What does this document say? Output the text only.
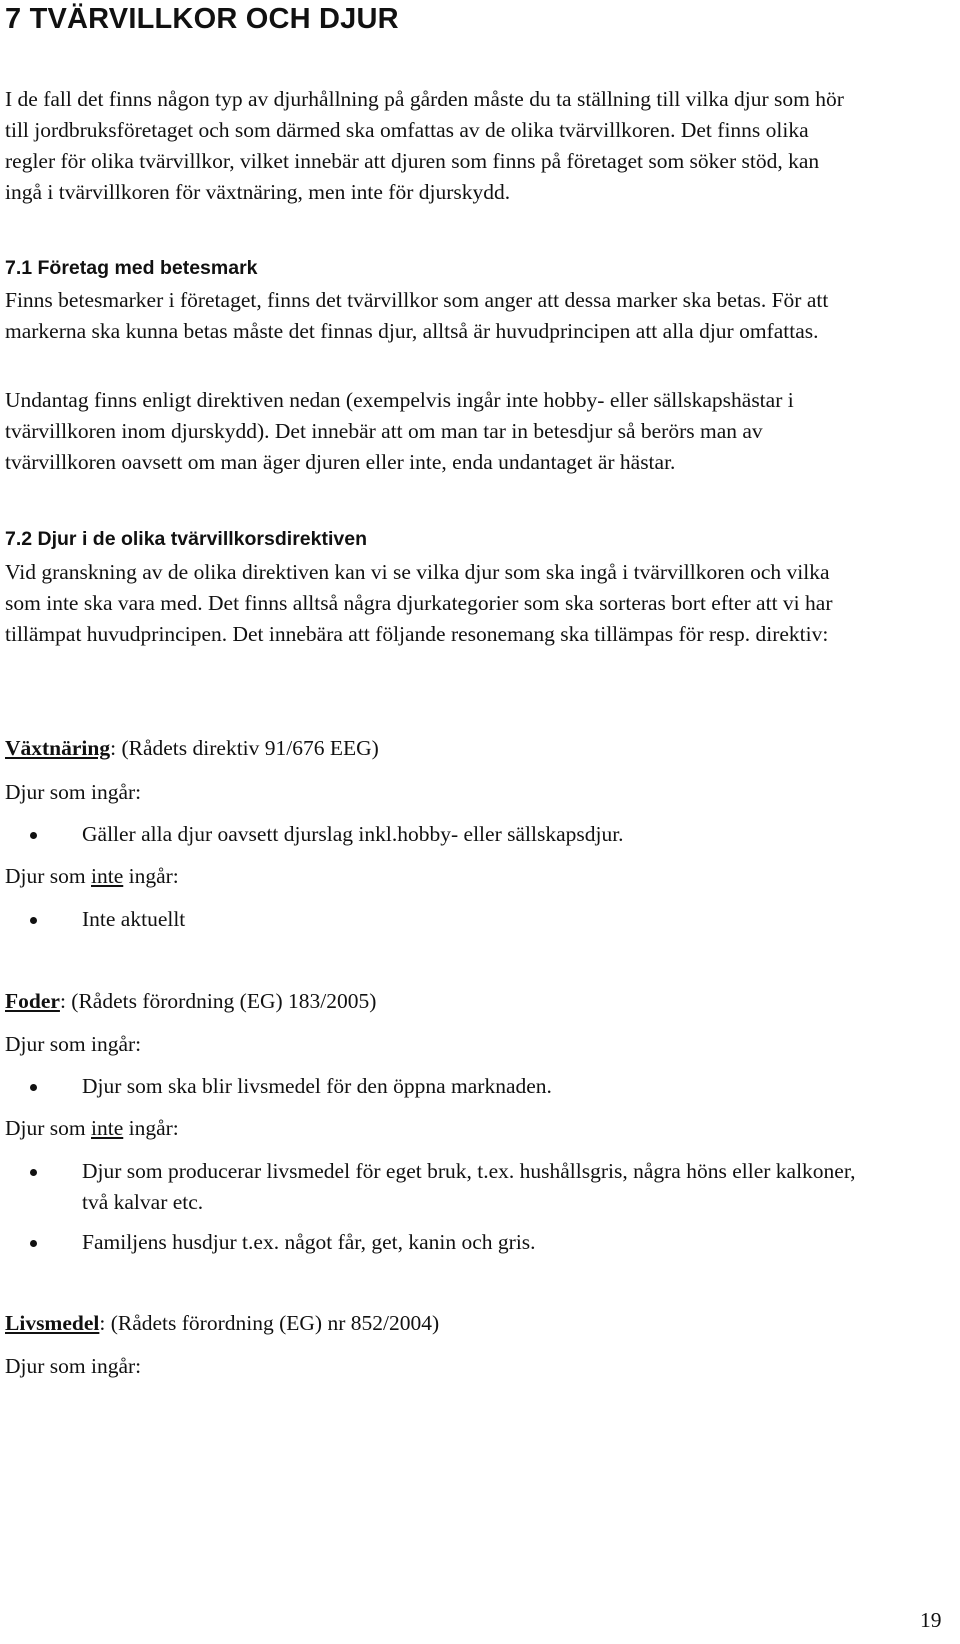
7 TVÄRVILLKOR OCH DJUR

I de fall det finns någon typ av djurhållning på gården måste du ta ställning till vilka djur som hör till jordbruksföretaget och som därmed ska omfattas av de olika tvärvillkoren. Det finns olika regler för olika tvärvillkor, vilket innebär att djuren som finns på företaget som söker stöd, kan ingå i tvärvillkoren för växtnäring, men inte för djurskydd.

7.1 Företag med betesmark

Finns betesmarker i företaget, finns det tvärvillkor som anger att dessa marker ska betas. För att markerna ska kunna betas måste det finnas djur, alltså är huvudprincipen att alla djur omfattas.

Undantag finns enligt direktiven nedan (exempelvis ingår inte hobby- eller sällskapshästar i tvärvillkoren inom djurskydd). Det innebär att om man tar in betesdjur så berörs man av tvärvillkoren oavsett om man äger djuren eller inte, enda undantaget är hästar.

7.2 Djur i de olika tvärvillkorsdirektiven

Vid granskning av de olika direktiven kan vi se vilka djur som ska ingå i tvärvillkoren och vilka som inte ska vara med. Det finns alltså några djurkategorier som ska sorteras bort efter att vi har tillämpat huvudprincipen. Det innebära att följande resonemang ska tillämpas för resp. direktiv:

Växtnäring: (Rådets direktiv 91/676 EEG)
Djur som ingår:
Gäller alla djur oavsett djurslag inkl.hobby- eller sällskapsdjur.
Djur som inte ingår:
Inte aktuellt
Foder: (Rådets förordning (EG) 183/2005)
Djur som ingår:
Djur som ska blir livsmedel för den öppna marknaden.
Djur som inte ingår:
Djur som producerar livsmedel för eget bruk, t.ex. hushållsgris, några höns eller kalkoner, två kalvar etc.
Familjens husdjur t.ex. något får, get, kanin och gris.
Livsmedel: (Rådets förordning (EG) nr 852/2004)
Djur som ingår:
19
